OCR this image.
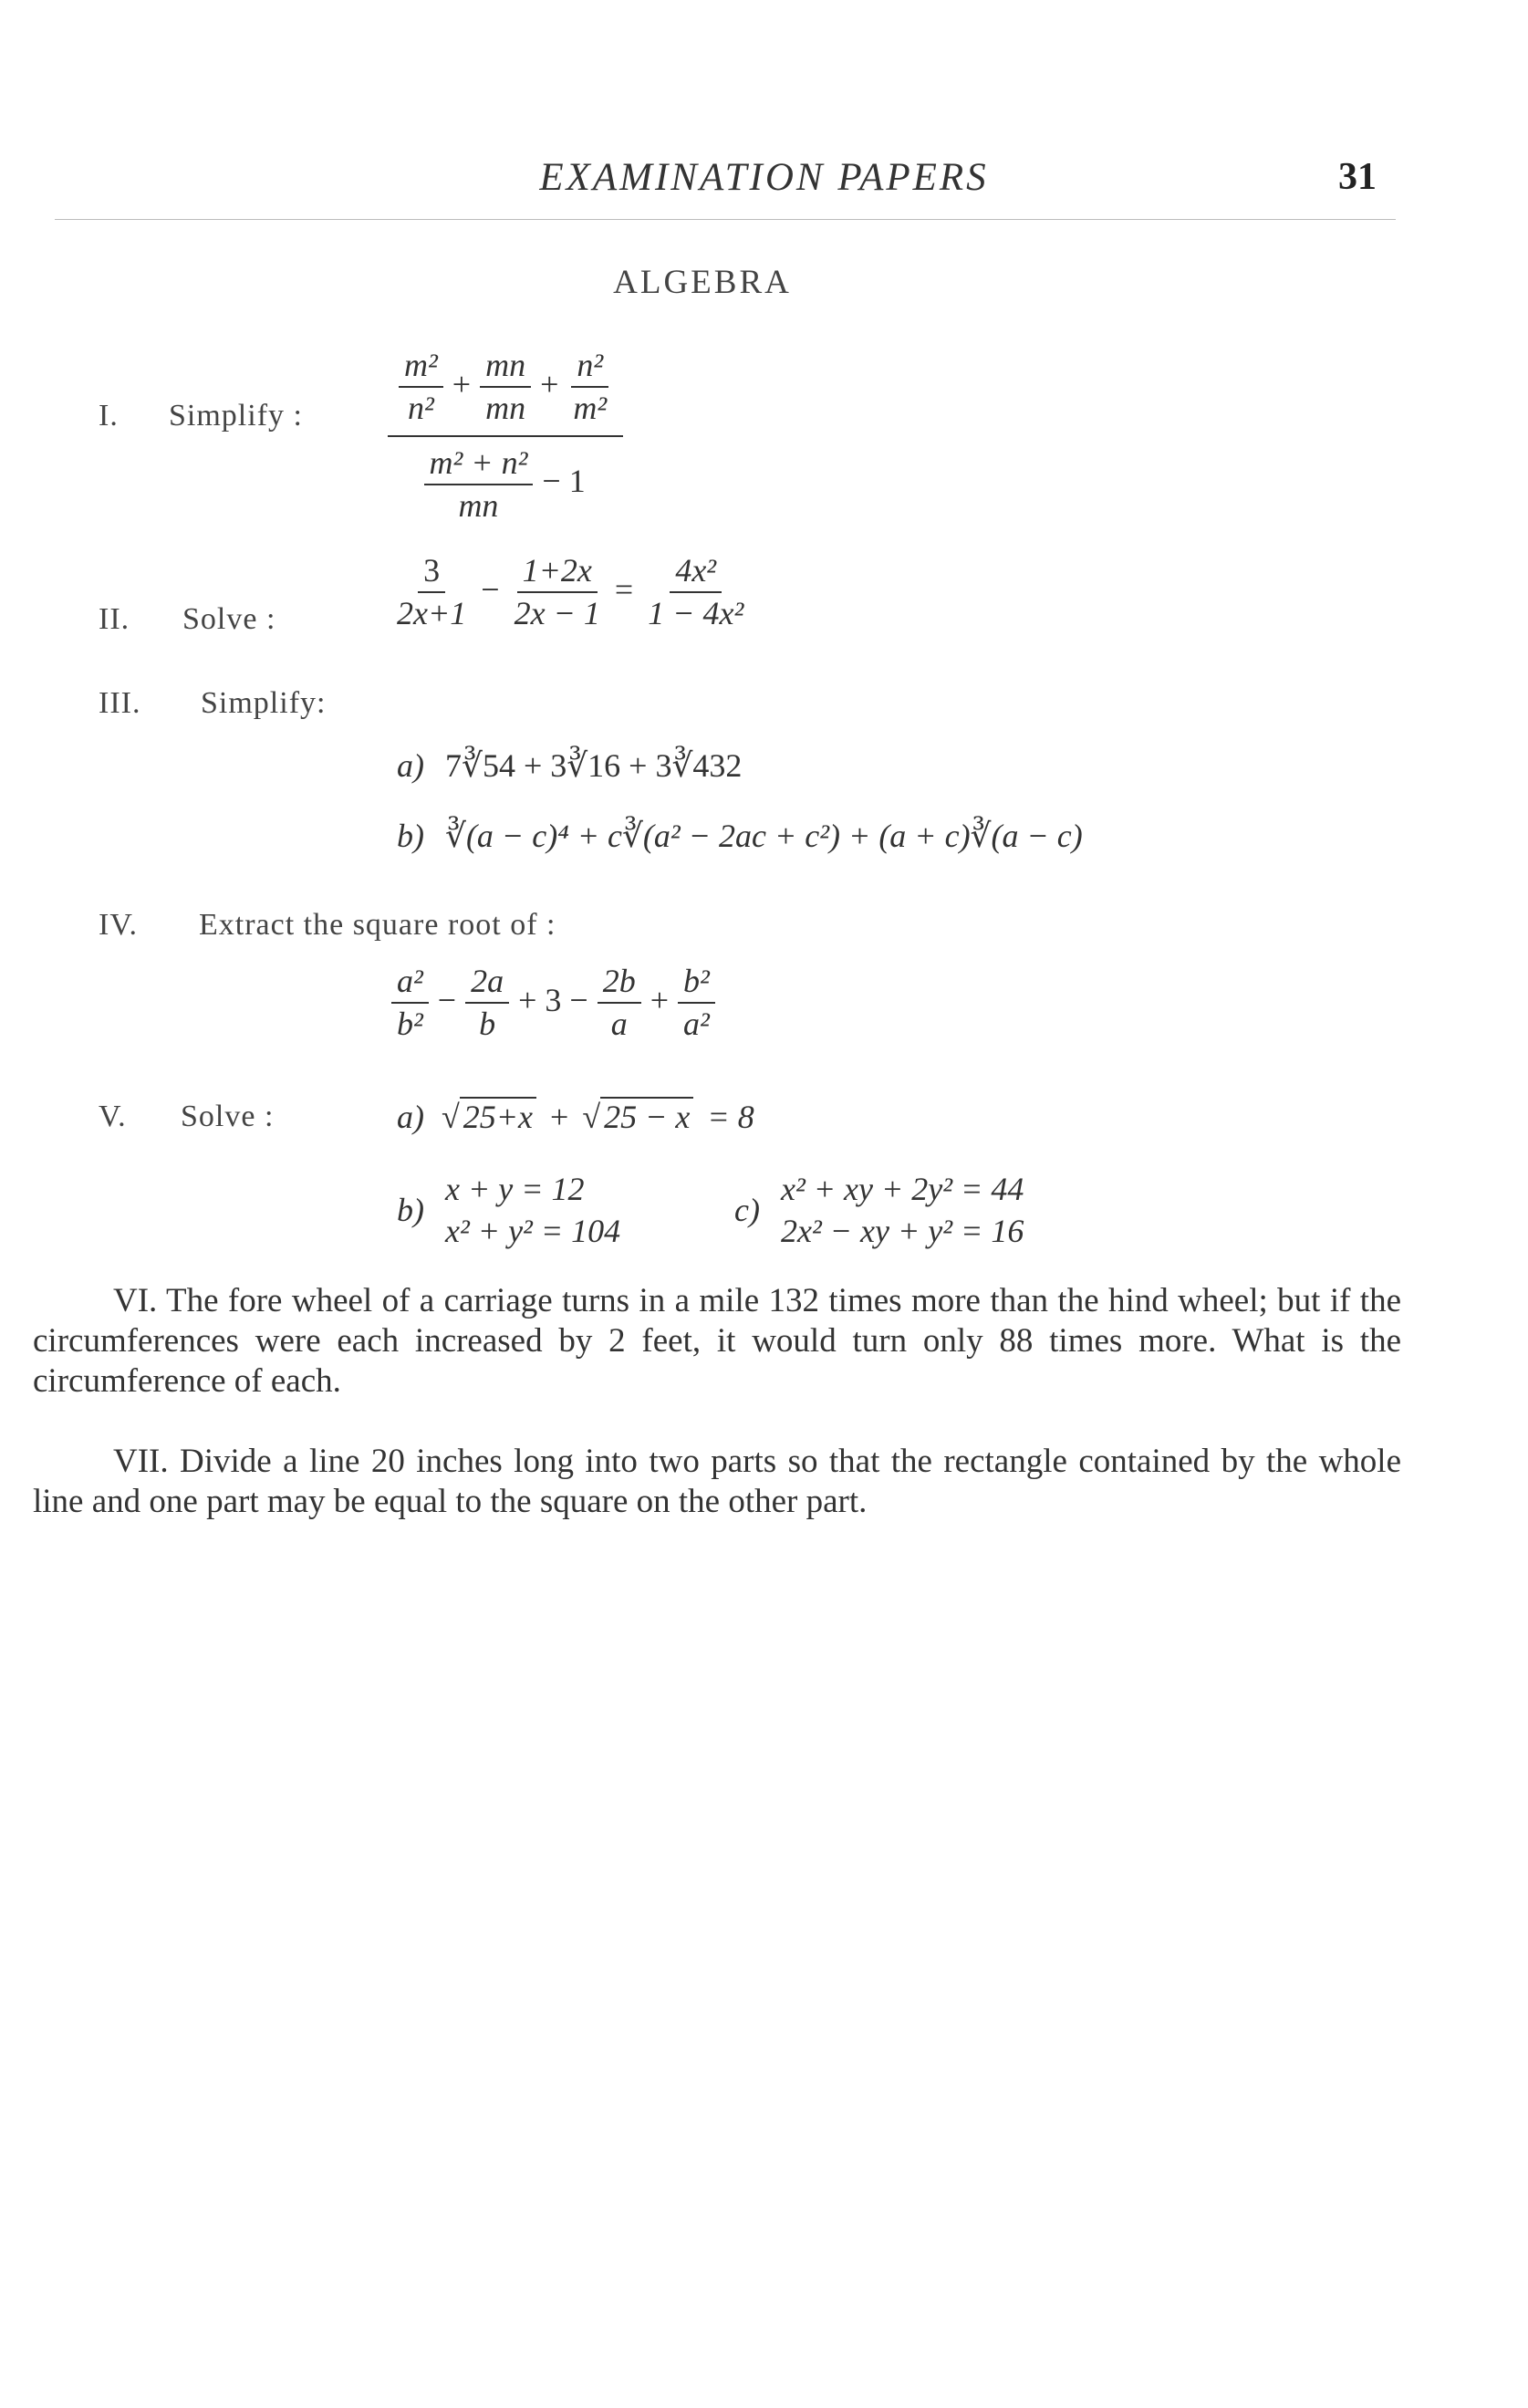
EXAMINATION PAPERS	31
ALGEBRA
I. Simplify :	$\frac{\frac{\text{m²}}{\text{n²}} + \frac{mn}{mn} + \frac{\text{n²}}{\text{m²}}}{\frac{\text{m² + n²}}{mn} - 1}$
II. Solve :	$\frac{3}{2x+1} - \frac{1+2x}{2x - 1} = \frac{\text{4x²}}{\text{1 − 4x²}}$
III. Simplify:
a) 7∛54 + 3∛16 + 3∛432
b) ∛(a − c)⁴ + c∛(a² − 2ac + c²) + (a + c)∛(a − c)
IV. Extract the square root of :
$\frac{\text{a²}}{\text{b²}} - \frac{2a}{b} + 3 - \frac{2b}{a} + \frac{\text{b²}}{\text{a²}}$
V. Solve :	a) √ 25+x + √ 25 − x = 8
b)
x + y = 12
x² + y² = 104
c)
x² + xy + 2y² = 44
2x² − xy + y² = 16

VI. The fore wheel of a carriage turns in a mile 132 times more than the hind wheel; but if the circumferences were each increased by 2 feet, it would turn only 88 times more. What is the circumference of each.

VII. Divide a line 20 inches long into two parts so that the rectangle contained by the whole line and one part may be equal to the square on the other part.
